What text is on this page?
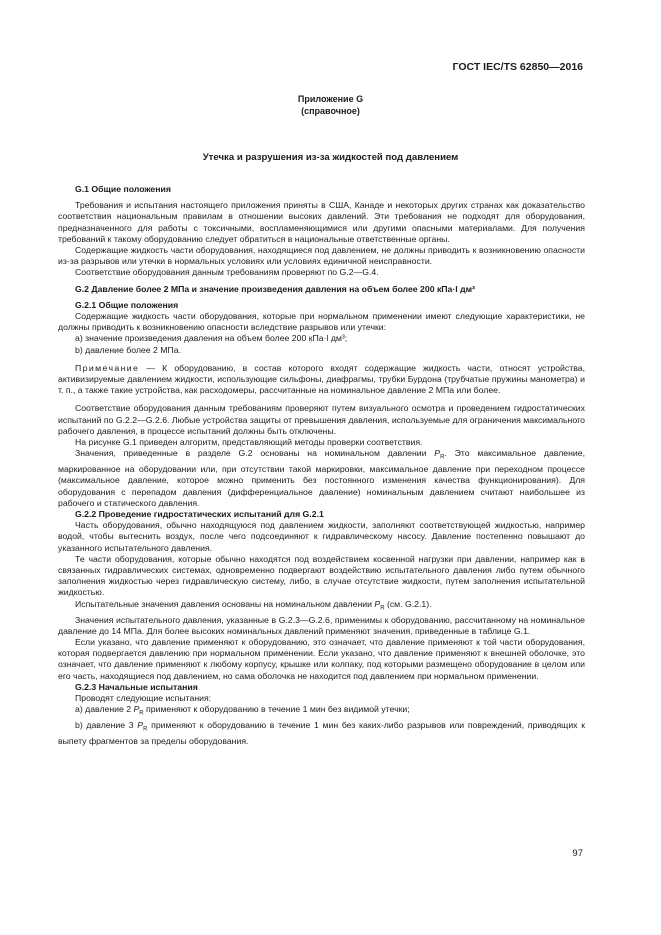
ГОСТ IEC/TS 62850—2016
Приложение G
(справочное)
Утечка и разрушения из-за жидкостей под давлением

G.1 Общие положения

Требования и испытания настоящего приложения приняты в США, Канаде и некоторых других странах как доказательство соответствия национальным правилам в отношении высоких давлений. Эти требования не подходят для оборудования, предназначенного для работы с токсичными, воспламеняющимися или другими опасными материалами. Для получения требований к такому оборудованию следует обратиться в национальные ответственные органы.

Содержащие жидкость части оборудования, находящиеся под давлением, не должны приводить к возникновению опасности из-за разрывов или утечки в нормальных условиях или условиях единичной неисправности.

Соответствие оборудования данным требованиям проверяют по G.2—G.4.

G.2 Давление более 2 МПа и значение произведения давления на объем более 200 кПа·l дм³

G.2.1 Общие положения

Содержащие жидкость части оборудования, которые при нормальном применении имеют следующие характеристики, не должны приводить к возникновению опасности вследствие разрывов или утечки:

a) значение произведения давления на объем более 200 кПа·l дм³;

b) давление более 2 МПа.

Примечание — К оборудованию, в состав которого входят содержащие жидкость части, относят устройства, активизируемые давлением жидкости, использующие сильфоны, диафрагмы, трубки Бурдона (трубчатые пружины манометра) и т. п., а также такие устройства, как расходомеры, рассчитанные на номинальное давление 2 МПа или более.

Соответствие оборудования данным требованиям проверяют путем визуального осмотра и проведением гидростатических испытаний по G.2.2—G.2.6. Любые устройства защиты от превышения давления, используемые для ограничения максимального рабочего давления, в процессе испытаний должны быть отключены.

На рисунке G.1 приведен алгоритм, представляющий методы проверки соответствия.

Значения, приведенные в разделе G.2 основаны на номинальном давлении $P_R$. Это максимальное давление, маркированное на оборудовании или, при отсутствии такой маркировки, максимальное давление при переходном процессе (максимальное давление, которое можно применить без постоянного изменения качества функционирования). Для оборудования с перепадом давления (дифференциальное давление) номинальным давлением считают наибольшее из рабочего и статического давления.

G.2.2 Проведение гидростатических испытаний для G.2.1

Часть оборудования, обычно находящуюся под давлением жидкости, заполняют соответствующей жидкостью, например водой, чтобы вытеснить воздух, после чего подсоединяют к гидравлическому насосу. Давление постепенно повышают до указанного испытательного давления.

Те части оборудования, которые обычно находятся под воздействием косвенной нагрузки при давлении, например как в связанных гидравлических системах, одновременно подвергают воздействию испытательного давления либо путем обычного заполнения жидкостью через гидравлическую систему, либо, в случае отсутствие жидкости, путем заполнения испытательной жидкостью.

Испытательные значения давления основаны на номинальном давлении $P_R$ (см. G.2.1).

Значения испытательного давления, указанные в G.2.3—G.2.6, применимы к оборудованию, рассчитанному на номинальное давление до 14 МПа. Для более высоких номинальных давлений применяют значения, приведенные в таблице G.1.

Если указано, что давление применяют к оборудованию, это означает, что давление применяют к той части оборудования, которая подвергается давлению при нормальном применении. Если указано, что давление применяют к внешней оболочке, это означает, что давление применяют к любому корпусу, крышке или колпаку, под которыми размещено оборудование в целом или его часть, находящиеся под давлением, но сама оболочка не находится под давлением при нормальном применении.

G.2.3 Начальные испытания

Проводят следующие испытания:

a) давление 2 $P_R$ применяют к оборудованию в течение 1 мин без видимой утечки;

b) давление 3 $P_R$ применяют к оборудованию в течение 1 мин без каких-либо разрывов или повреждений, приводящих к выпету фрагментов за пределы оборудования.

97
